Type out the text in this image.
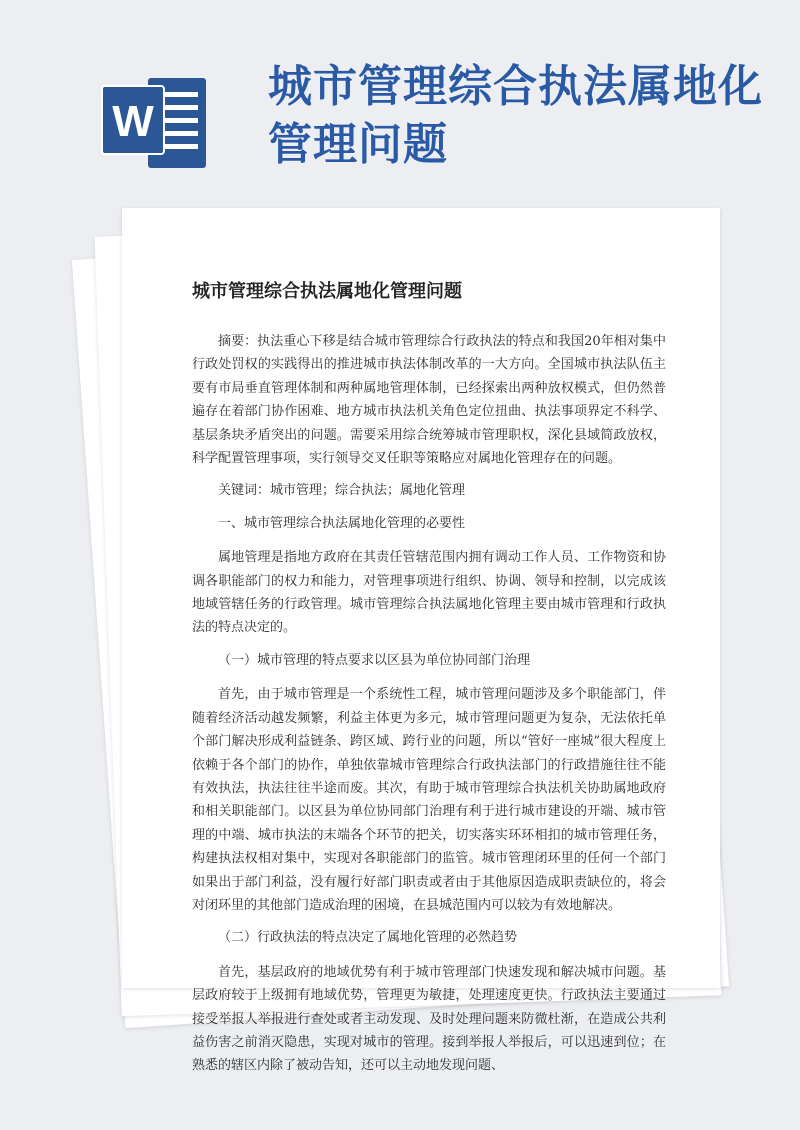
W
城市管理综合执法属地化管理问题
城市管理综合执法属地化管理问题

摘要：执法重心下移是结合城市管理综合行政执法的特点和我国20年相对集中行政处罚权的实践得出的推进城市执法体制改革的一大方向。全国城市执法队伍主要有市局垂直管理体制和两种属地管理体制，已经探索出两种放权模式，但仍然普遍存在着部门协作困难、地方城市执法机关角色定位扭曲、执法事项界定不科学、基层条块矛盾突出的问题。需要采用综合统筹城市管理职权，深化县域简政放权，科学配置管理事项，实行领导交叉任职等策略应对属地化管理存在的问题。

关键词：城市管理；综合执法；属地化管理

一、城市管理综合执法属地化管理的必要性

属地管理是指地方政府在其责任管辖范围内拥有调动工作人员、工作物资和协调各职能部门的权力和能力，对管理事项进行组织、协调、领导和控制，以完成该地域管辖任务的行政管理。城市管理综合执法属地化管理主要由城市管理和行政执法的特点决定的。

（一）城市管理的特点要求以区县为单位协同部门治理

首先，由于城市管理是一个系统性工程，城市管理问题涉及多个职能部门，伴随着经济活动越发频繁，利益主体更为多元，城市管理问题更为复杂，无法依托单个部门解决形成利益链条、跨区域、跨行业的问题，所以“管好一座城”很大程度上依赖于各个部门的协作，单独依靠城市管理综合行政执法部门的行政措施往往不能有效执法，执法往往半途而废。其次，有助于城市管理综合执法机关协助属地政府和相关职能部门。以区县为单位协同部门治理有利于进行城市建设的开端、城市管理的中端、城市执法的末端各个环节的把关，切实落实环环相扣的城市管理任务，构建执法权相对集中，实现对各职能部门的监管。城市管理闭环里的任何一个部门如果出于部门利益，没有履行好部门职责或者由于其他原因造成职责缺位的，将会对闭环里的其他部门造成治理的困境，在县城范围内可以较为有效地解决。

（二）行政执法的特点决定了属地化管理的必然趋势

首先，基层政府的地域优势有利于城市管理部门快速发现和解决城市问题。基层政府较于上级拥有地域优势，管理更为敏捷，处理速度更快。行政执法主要通过接受举报人举报进行查处或者主动发现、及时处理问题来防微杜渐，在造成公共利益伤害之前消灭隐患，实现对城市的管理。接到举报人举报后，可以迅速到位；在熟悉的辖区内除了被动告知，还可以主动地发现问题、
